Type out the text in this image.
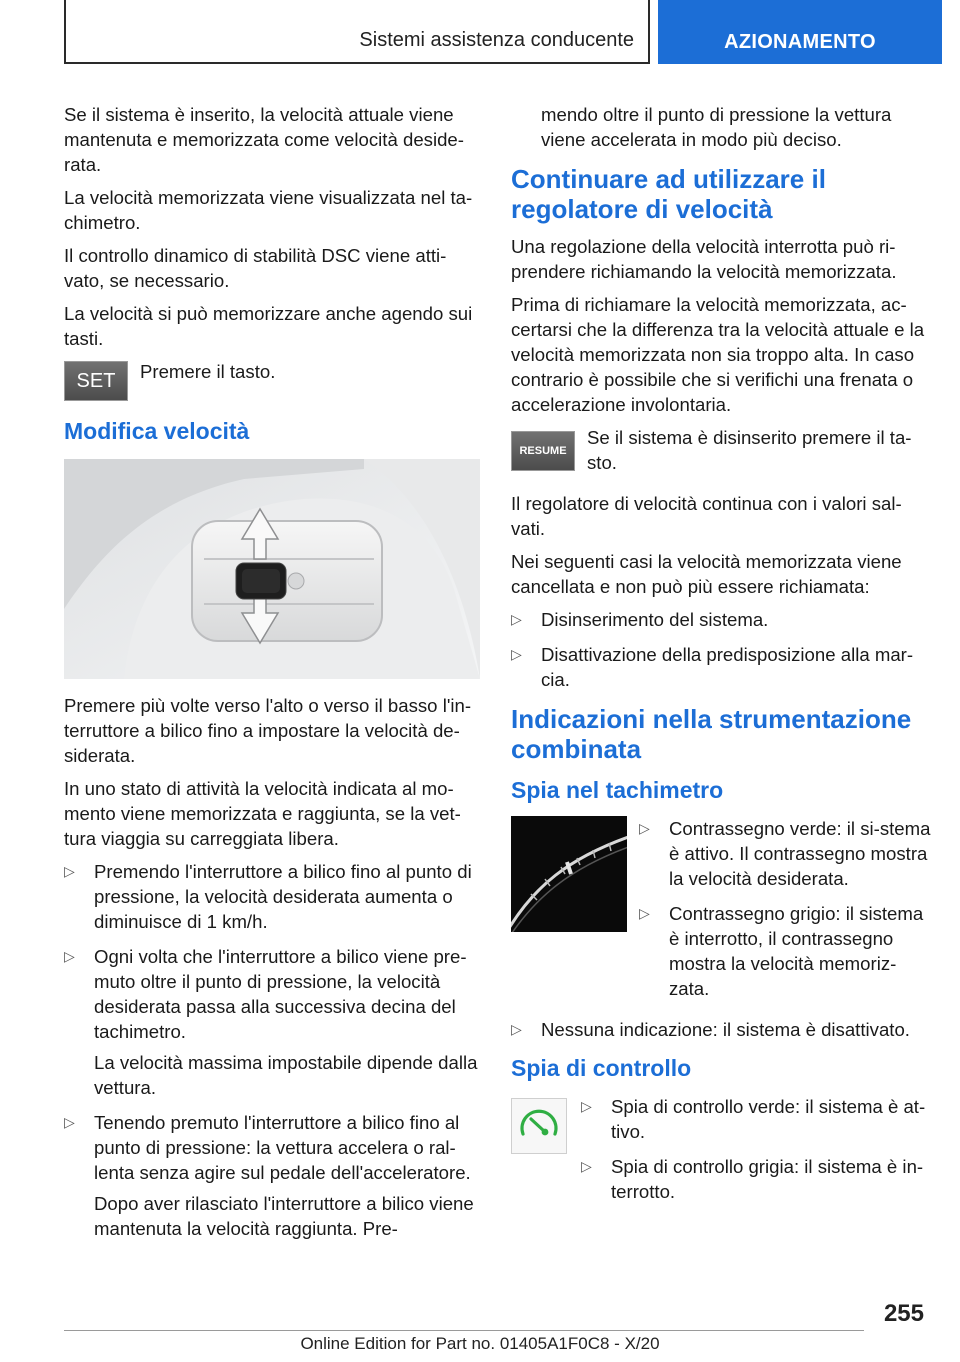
Sistemi assistenza conducente	AZIONAMENTO

Se il sistema è inserito, la velocità attuale viene mantenuta e memorizzata come velocità deside-rata.

La velocità memorizzata viene visualizzata nel ta-chimetro.

Il controllo dinamico di stabilità DSC viene atti-vato, se necessario.

La velocità si può memorizzare anche agendo sui tasti.

SET Premere il tasto.
Modifica velocità

Premere più volte verso l'alto o verso il basso l'in-terruttore a bilico fino a impostare la velocità de-siderata.

In uno stato di attività la velocità indicata al mo-mento viene memorizzata e raggiunta, se la vet-tura viaggia su carreggiata libera.

▷ Premendo l'interruttore a bilico fino al punto di pressione, la velocità desiderata aumenta o diminuisce di 1 km/h.

▷ Ogni volta che l'interruttore a bilico viene pre-muto oltre il punto di pressione, la velocità desiderata passa alla successiva decina del tachimetro.

La velocità massima impostabile dipende dalla vettura.

▷ Tenendo premuto l'interruttore a bilico fino al punto di pressione: la vettura accelera o ral-lenta senza agire sul pedale dell'acceleratore.

Dopo aver rilasciato l'interruttore a bilico viene mantenuta la velocità raggiunta. Pre-

mendo oltre il punto di pressione la vettura viene accelerata in modo più deciso.

Continuare ad utilizzare il regolatore di velocità

Una regolazione della velocità interrotta può ri-prendere richiamando la velocità memorizzata.

Prima di richiamare la velocità memorizzata, ac-certarsi che la differenza tra la velocità attuale e la velocità memorizzata non sia troppo alta. In caso contrario è possibile che si verifichi una frenata o accelerazione involontaria.

RESUME
Se il sistema è disinserito premere il ta-sto.

Il regolatore di velocità continua con i valori sal-vati.

Nei seguenti casi la velocità memorizzata viene cancellata e non può più essere richiamata:

▷ Disinserimento del sistema.

▷ Disattivazione della predisposizione alla mar-cia.

Indicazioni nella strumentazione combinata
Spia nel tachimetro
▷ Contrassegno verde: il si-stema è attivo. Il contrassegno mostra la velocità desiderata.

▷ Contrassegno grigio: il sistema è interrotto, il contrassegno mostra la velocità memoriz-zata.

▷ Nessuna indicazione: il sistema è disattivato.

Spia di controllo
▷ Spia di controllo verde: il sistema è at-tivo.

▷ Spia di controllo grigia: il sistema è in-terrotto.

255
Online Edition for Part no. 01405A1F0C8 - X/20
